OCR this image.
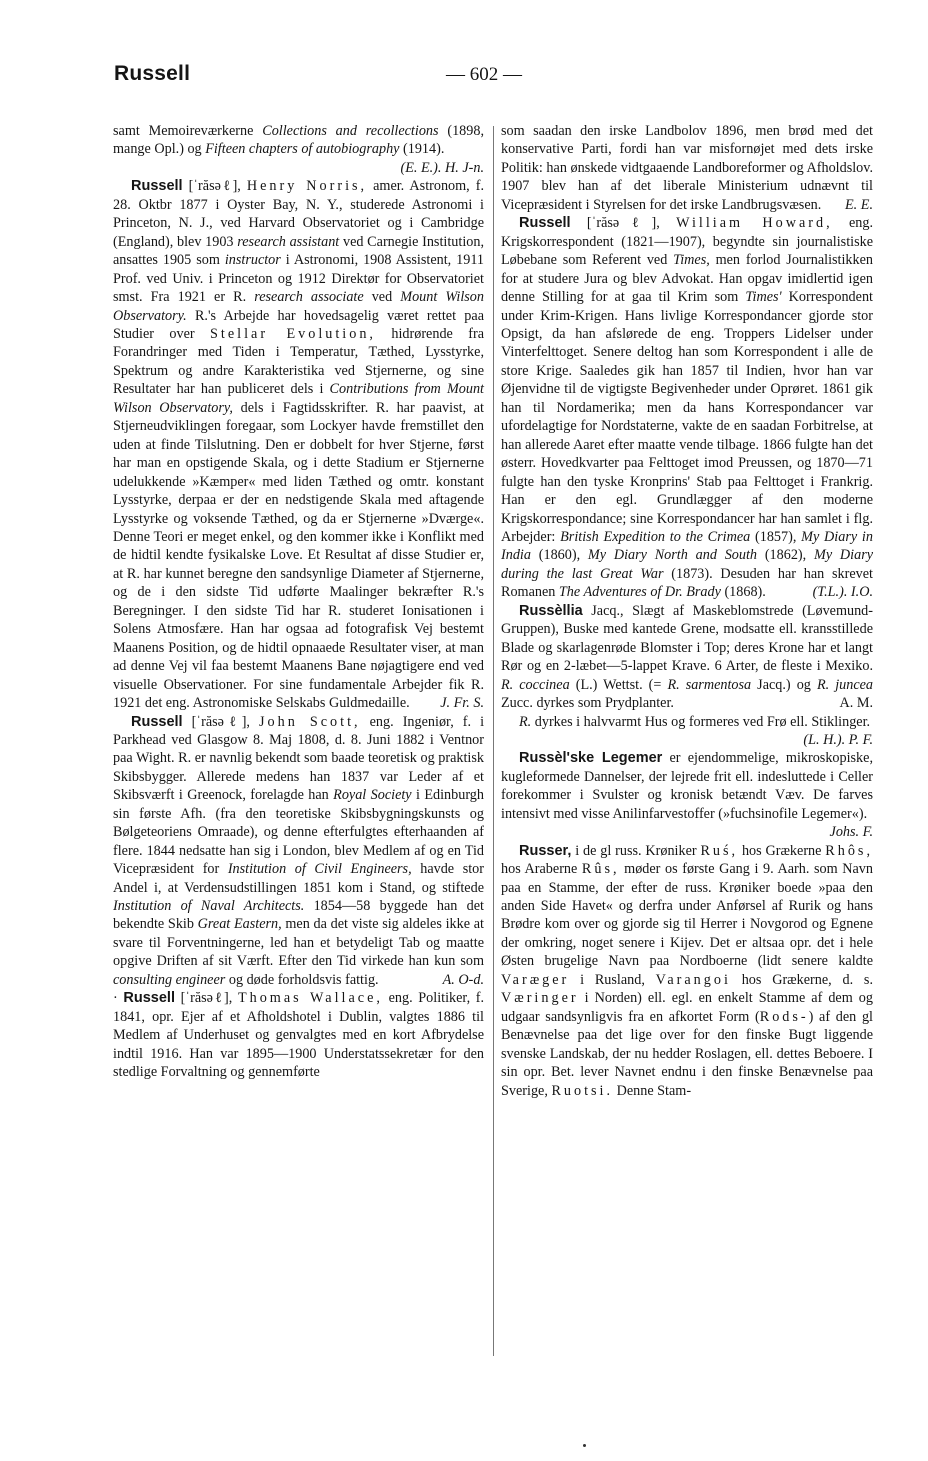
Russell	— 602 —

samt Memoireværkerne Collections and recollections (1898, mange Opl.) og Fifteen chapters of autobiography (1914).
(E. E.). H. J-n.

Russell [ˈrăsəℓ], Henry Norris, amer. Astronom, f. 28. Oktbr 1877 i Oyster Bay, N. Y., studerede Astronomi i Princeton, N. J., ved Harvard Observatoriet og i Cambridge (England), blev 1903 research assistant ved Carnegie Institution, ansattes 1905 som instructor i Astronomi, 1908 Assistent, 1911 Prof. ved Univ. i Princeton og 1912 Direktør for Observatoriet smst. Fra 1921 er R. research associate ved Mount Wilson Observatory. R.'s Arbejde har hovedsagelig været rettet paa Studier over Stellar Evolution, hidrørende fra Forandringer med Tiden i Temperatur, Tæthed, Lysstyrke, Spektrum og andre Karakteristika ved Stjernerne, og sine Resultater har han publiceret dels i Contributions from Mount Wilson Observatory, dels i Fagtidsskrifter. R. har paavist, at Stjerneudviklingen foregaar, som Lockyer havde fremstillet den uden at finde Tilslutning. Den er dobbelt for hver Stjerne, først har man en opstigende Skala, og i dette Stadium er Stjernerne udelukkende »Kæmper« med liden Tæthed og omtr. konstant Lysstyrke, derpaa er der en nedstigende Skala med aftagende Lysstyrke og voksende Tæthed, og da er Stjernerne »Dværge«. Denne Teori er meget enkel, og den kommer ikke i Konflikt med de hidtil kendte fysikalske Love. Et Resultat af disse Studier er, at R. har kunnet beregne den sandsynlige Diameter af Stjernerne, og de i den sidste Tid udførte Maalinger bekræfter R.'s Beregninger. I den sidste Tid har R. studeret Ionisationen i Solens Atmosfære. Han har ogsaa ad fotografisk Vej bestemt Maanens Position, og de hidtil opnaaede Resultater viser, at man ad denne Vej vil faa bestemt Maanens Bane nøjagtigere end ved visuelle Observationer. For sine fundamentale Arbejder fik R. 1921 det eng. Astronomiske Selskabs Guldmedaille.	J. Fr. S.

Russell [ˈrăsəℓ], John Scott, eng. Ingeniør, f. i Parkhead ved Glasgow 8. Maj 1808, d. 8. Juni 1882 i Ventnor paa Wight. R. er navnlig bekendt som baade teoretisk og praktisk Skibsbygger. Allerede medens han 1837 var Leder af et Skibsværft i Greenock, forelagde han Royal Society i Edinburgh sin første Afh. (fra den teoretiske Skibsbygningskunsts og Bølgeteoriens Omraade), og denne efterfulgtes efterhaanden af flere. 1844 nedsatte han sig i London, blev Medlem af og en Tid Vicepræsident for Institution of Civil Engineers, havde stor Andel i, at Verdensudstillingen 1851 kom i Stand, og stiftede Institution of Naval Architects. 1854—58 byggede han det bekendte Skib Great Eastern, men da det viste sig aldeles ikke at svare til Forventningerne, led han et betydeligt Tab og maatte opgive Driften af sit Værft. Efter den Tid virkede han kun som consulting engineer og døde forholdsvis fattig.	A. O-d.

· Russell [ˈrăsəℓ], Thomas Wallace, eng. Politiker, f. 1841, opr. Ejer af et Afholdshotel i Dublin, valgtes 1886 til Medlem af Underhuset og genvalgtes med en kort Afbrydelse indtil 1916. Han var 1895—1900 Understatssekretær for den stedlige Forvaltning og gennemførte

som saadan den irske Landbolov 1896, men brød med det konservative Parti, fordi han var misfornøjet med dets irske Politik: han ønskede vidtgaaende Landboreformer og Afholdslov. 1907 blev han af det liberale Ministerium udnævnt til Vicepræsident i Styrelsen for det irske Landbrugsvæsen. E. E.

Russell [ˈrăsəℓ], William Howard, eng. Krigskorrespondent (1821—1907), begyndte sin journalistiske Løbebane som Referent ved Times, men forlod Journalistikken for at studere Jura og blev Advokat. Han opgav imidlertid igen denne Stilling for at gaa til Krim som Times' Korrespondent under Krim-Krigen. Hans livlige Korrespondancer gjorde stor Opsigt, da han afslørede de eng. Troppers Lidelser under Vinterfelttoget. Senere deltog han som Korrespondent i alle de store Krige. Saaledes gik han 1857 til Indien, hvor han var Øjenvidne til de vigtigste Begivenheder under Oprøret. 1861 gik han til Nordamerika; men da hans Korrespondancer var ufordelagtige for Nordstaterne, vakte de en saadan Forbitrelse, at han allerede Aaret efter maatte vende tilbage. 1866 fulgte han det østerr. Hovedkvarter paa Felttoget imod Preussen, og 1870—71 fulgte han den tyske Kronprins' Stab paa Felttoget i Frankrig. Han er den egl. Grundlægger af den moderne Krigskorrespondance; sine Korrespondancer har han samlet i flg. Arbejder: British Expedition to the Crimea (1857), My Diary in India (1860), My Diary North and South (1862), My Diary during the last Great War (1873). Desuden har han skrevet Romanen The Adventures of Dr. Brady (1868).	(T.L.). I.O.

Russèllia Jacq., Slægt af Maskeblomstrede (Løvemund-Gruppen), Buske med kantede Grene, modsatte ell. kransstillede Blade og skarlagenrøde Blomster i Top; deres Krone har et langt Rør og en 2-læbet—5-lappet Krave. 6 Arter, de fleste i Mexiko. R. coccinea (L.) Wettst. (= R. sarmentosa Jacq.) og R. juncea Zucc. dyrkes som Prydplanter.	A. M.

R. dyrkes i halvvarmt Hus og formeres ved Frø ell. Stiklinger.
(L. H.). P. F.

Russèl'ske Legemer er ejendommelige, mikroskopiske, kugleformede Dannelser, der lejrede frit ell. indesluttede i Celler forekommer i Svulster og kronisk betændt Væv. De farves intensivt med visse Anilinfarvestoffer (»fuchsinofile Legemer«).
Johs. F.

Russer, i de gl russ. Krøniker Ruś, hos Grækerne Rhôs, hos Araberne Rûs, møder os første Gang i 9. Aarh. som Navn paa en Stamme, der efter de russ. Krøniker boede »paa den anden Side Havet« og derfra under Anførsel af Rurik og hans Brødre kom over og gjorde sig til Herrer i Novgorod og Egnene der omkring, noget senere i Kijev. Det er altsaa opr. det i hele Østen brugelige Navn paa Nordboerne (lidt senere kaldte Varæger i Rusland, Varangoi hos Grækerne, d. s. Væringer i Norden) ell. egl. en enkelt Stamme af dem og udgaar sandsynligvis fra en afkortet Form (Rods-) af den gl Benævnelse paa det lige over for den finske Bugt liggende svenske Landskab, der nu hedder Roslagen, ell. dettes Beboere. I sin opr. Bet. lever Navnet endnu i den finske Benævnelse paa Sverige, Ruotsi. Denne Stam-
